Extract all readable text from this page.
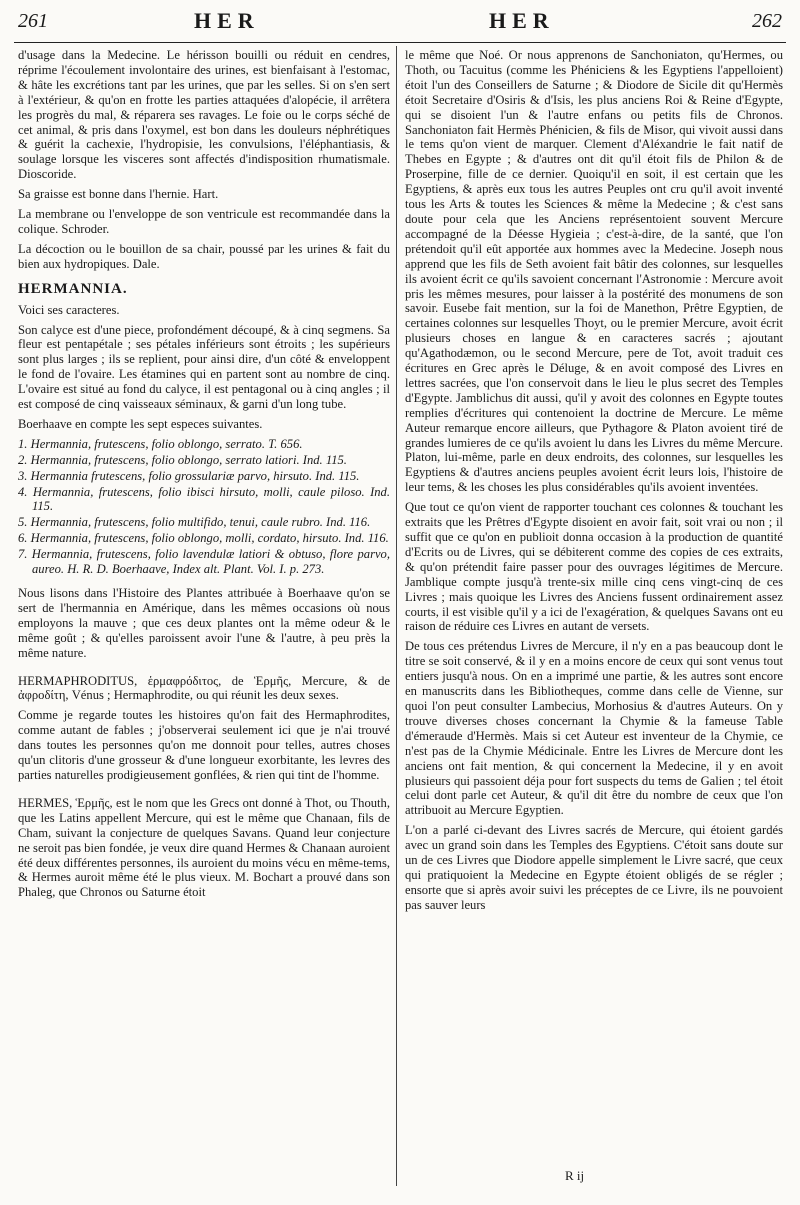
261	HER	HER	262

d'usage dans la Medecine. Le hérisson bouilli ou réduit en cendres, réprime l'écoulement involontaire des urines, est bienfaisant à l'estomac, & hâte les excrétions tant par les urines, que par les selles. Si on s'en sert à l'extérieur, & qu'on en frotte les parties attaquées d'alopécie, il arrêtera les progrès du mal, & réparera ses ravages. Le foie ou le corps séché de cet animal, & pris dans l'oxymel, est bon dans les douleurs néphrétiques & guérit la cachexie, l'hydropisie, les convulsions, l'éléphantiasis, & soulage lorsque les visceres sont affectés d'indisposition rhumatismale. Dioscoride.

Sa graisse est bonne dans l'hernie. Hart.

La membrane ou l'enveloppe de son ventricule est recommandée dans la colique. Schroder.

La décoction ou le bouillon de sa chair, poussé par les urines & fait du bien aux hydropiques. Dale.

HERMANNIA.

Voici ses caracteres.

Son calyce est d'une piece, profondément découpé, & à cinq segmens. Sa fleur est pentapétale ; ses pétales inférieurs sont étroits ; les supérieurs sont plus larges ; ils se replient, pour ainsi dire, d'un côté & enveloppent le fond de l'ovaire. Les étamines qui en partent sont au nombre de cinq. L'ovaire est situé au fond du calyce, il est pentagonal ou à cinq angles ; il est composé de cinq vaisseaux séminaux, & garni d'un long tube.

Boerhaave en compte les sept especes suivantes.

1. Hermannia, frutescens, folio oblongo, serrato. T. 656.

2. Hermannia, frutescens, folio oblongo, serrato latiori. Ind. 115.

3. Hermannia frutescens, folio grossulariæ parvo, hirsuto. Ind. 115.

4. Hermannia, frutescens, folio ibisci hirsuto, molli, caule piloso. Ind. 115.

5. Hermannia, frutescens, folio multifido, tenui, caule rubro. Ind. 116.

6. Hermannia, frutescens, folio oblongo, molli, cordato, hirsuto. Ind. 116.

7. Hermannia, frutescens, folio lavendulæ latiori & obtuso, flore parvo, aureo. H. R. D. Boerhaave, Index alt. Plant. Vol. I. p. 273.

Nous lisons dans l'Histoire des Plantes attribuée à Boerhaave qu'on se sert de l'hermannia en Amérique, dans les mêmes occasions où nous employons la mauve ; que ces deux plantes ont la même odeur & le même goût ; & qu'elles paroissent avoir l'une & l'autre, à peu près la même nature.

HERMAPHRODITUS, ἑρμαφρόδιτος, de Ἑρμῆς, Mercure, & de ἀφροδίτη, Vénus ; Hermaphrodite, ou qui réunit les deux sexes.

Comme je regarde toutes les histoires qu'on fait des Hermaphrodites, comme autant de fables ; j'observerai seulement ici que je n'ai trouvé dans toutes les personnes qu'on me donnoit pour telles, autres choses qu'un clitoris d'une grosseur & d'une longueur exorbitante, les levres des parties naturelles prodigieusement gonflées, & rien qui tint de l'homme.

HERMES, Ἑρμῆς, est le nom que les Grecs ont donné à Thot, ou Thouth, que les Latins appellent Mercure, qui est le même que Chanaan, fils de Cham, suivant la conjecture de quelques Savans. Quand leur conjecture ne seroit pas bien fondée, je veux dire quand Hermes & Chanaan auroient été deux différentes personnes, ils auroient du moins vécu en même-tems, & Hermes auroit même été le plus vieux. M. Bochart a prouvé dans son Phaleg, que Chronos ou Saturne étoit

le même que Noé. Or nous apprenons de Sanchoniaton, qu'Hermes, ou Thoth, ou Tacuitus (comme les Phéniciens & les Egyptiens l'appelloient) étoit l'un des Conseillers de Saturne ; & Diodore de Sicile dit qu'Hermès étoit Secretaire d'Osiris & d'Isis, les plus anciens Roi & Reine d'Egypte, qui se disoient l'un & l'autre enfans ou petits fils de Chronos. Sanchoniaton fait Hermès Phénicien, & fils de Misor, qui vivoit aussi dans le tems qu'on vient de marquer. Clement d'Aléxandrie le fait natif de Thebes en Egypte ; & d'autres ont dit qu'il étoit fils de Philon & de Proserpine, fille de ce dernier. Quoiqu'il en soit, il est certain que les Egyptiens, & après eux tous les autres Peuples ont cru qu'il avoit inventé tous les Arts & toutes les Sciences & même la Medecine ; & c'est sans doute pour cela que les Anciens représentoient souvent Mercure accompagné de la Déesse Hygieia ; c'est-à-dire, de la santé, que l'on prétendoit qu'il eût apportée aux hommes avec la Medecine. Joseph nous apprend que les fils de Seth avoient fait bâtir des colonnes, sur lesquelles ils avoient écrit ce qu'ils savoient concernant l'Astronomie : Mercure avoit pris les mêmes mesures, pour laisser à la postérité des monumens de son savoir. Eusebe fait mention, sur la foi de Manethon, Prêtre Egyptien, de certaines colonnes sur lesquelles Thoyt, ou le premier Mercure, avoit écrit plusieurs choses en langue & en caracteres sacrés ; ajoutant qu'Agathodæmon, ou le second Mercure, pere de Tot, avoit traduit ces écritures en Grec après le Déluge, & en avoit composé des Livres en lettres sacrées, que l'on conservoit dans le lieu le plus secret des Temples d'Egypte. Jamblichus dit aussi, qu'il y avoit des colonnes en Egypte toutes remplies d'écritures qui contenoient la doctrine de Mercure. Le même Auteur remarque encore ailleurs, que Pythagore & Platon avoient tiré de grandes lumieres de ce qu'ils avoient lu dans les Livres du même Mercure. Platon, lui-même, parle en deux endroits, des colonnes, sur lesquelles les Egyptiens & d'autres anciens peuples avoient écrit leurs lois, l'histoire de leur tems, & les choses les plus considérables qu'ils avoient inventées.

Que tout ce qu'on vient de rapporter touchant ces colonnes & touchant les extraits que les Prêtres d'Egypte disoient en avoir fait, soit vrai ou non ; il suffit que ce qu'on en publioit donna occasion à la production de quantité d'Ecrits ou de Livres, qui se débiterent comme des copies de ces extraits, & qu'on prétendit faire passer pour des ouvrages légitimes de Mercure. Jamblique compte jusqu'à trente-six mille cinq cens vingt-cinq de ces Livres ; mais quoique les Livres des Anciens fussent ordinairement assez courts, il est visible qu'il y a ici de l'exagération, & quelques Savans ont eu raison de réduire ces Livres en autant de versets.

De tous ces prétendus Livres de Mercure, il n'y en a pas beaucoup dont le titre se soit conservé, & il y en a moins encore de ceux qui sont venus tout entiers jusqu'à nous. On en a imprimé une partie, & les autres sont encore en manuscrits dans les Bibliotheques, comme dans celle de Vienne, sur quoi l'on peut consulter Lambecius, Morhosius & d'autres Auteurs. On y trouve diverses choses concernant la Chymie & la fameuse Table d'émeraude d'Hermès. Mais si cet Auteur est inventeur de la Chymie, ce n'est pas de la Chymie Médicinale. Entre les Livres de Mercure dont les anciens ont fait mention, & qui concernent la Medecine, il y en avoit plusieurs qui passoient déja pour fort suspects du tems de Galien ; tel étoit celui dont parle cet Auteur, & qu'il dit être du nombre de ceux que l'on attribuoit au Mercure Egyptien.

L'on a parlé ci-devant des Livres sacrés de Mercure, qui étoient gardés avec un grand soin dans les Temples des Egyptiens. C'étoit sans doute sur un de ces Livres que Diodore appelle simplement le Livre sacré, que ceux qui pratiquoient la Medecine en Egypte étoient obligés de se régler ; ensorte que si après avoir suivi les préceptes de ce Livre, ils ne pouvoient pas sauver leurs

R ij
